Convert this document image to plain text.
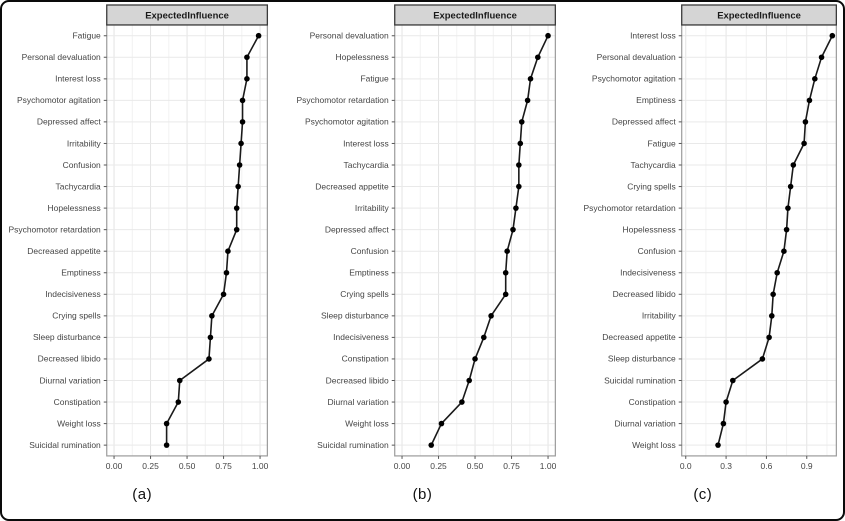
ExpectedInfluence
Fatigue
Personal devaluation
Interest loss
Psychomotor agitation
Depressed affect
Irritability
Confusion
Tachycardia
Hopelessness
Psychomotor retardation
Decreased appetite
Emptiness
Indecisiveness
Crying spells
Sleep disturbance
Decreased libido
Diurnal variation
Constipation
Weight loss
Suicidal rumination
0.00 0.25 0.50 0.75 1.00
(a)
ExpectedInfluence
Personal devaluation
Hopelessness
Fatigue
Psychomotor retardation
Psychomotor agitation
Interest loss
Tachycardia
Decreased appetite
Irritability
Depressed affect
Confusion
Emptiness
Crying spells
Sleep disturbance
Indecisiveness
Constipation
Decreased libido
Diurnal variation
Weight loss
Suicidal rumination
0.00 0.25 0.50 0.75 1.00
(b)
ExpectedInfluence
Interest loss
Personal devaluation
Psychomotor agitation
Emptiness
Depressed affect
Fatigue
Tachycardia
Crying spells
Psychomotor retardation
Hopelessness
Confusion
Indecisiveness
Decreased libido
Irritability
Decreased appetite
Sleep disturbance
Suicidal rumination
Constipation
Diurnal variation
Weight loss
0.0	0.3	0.6	0.9
(c)
